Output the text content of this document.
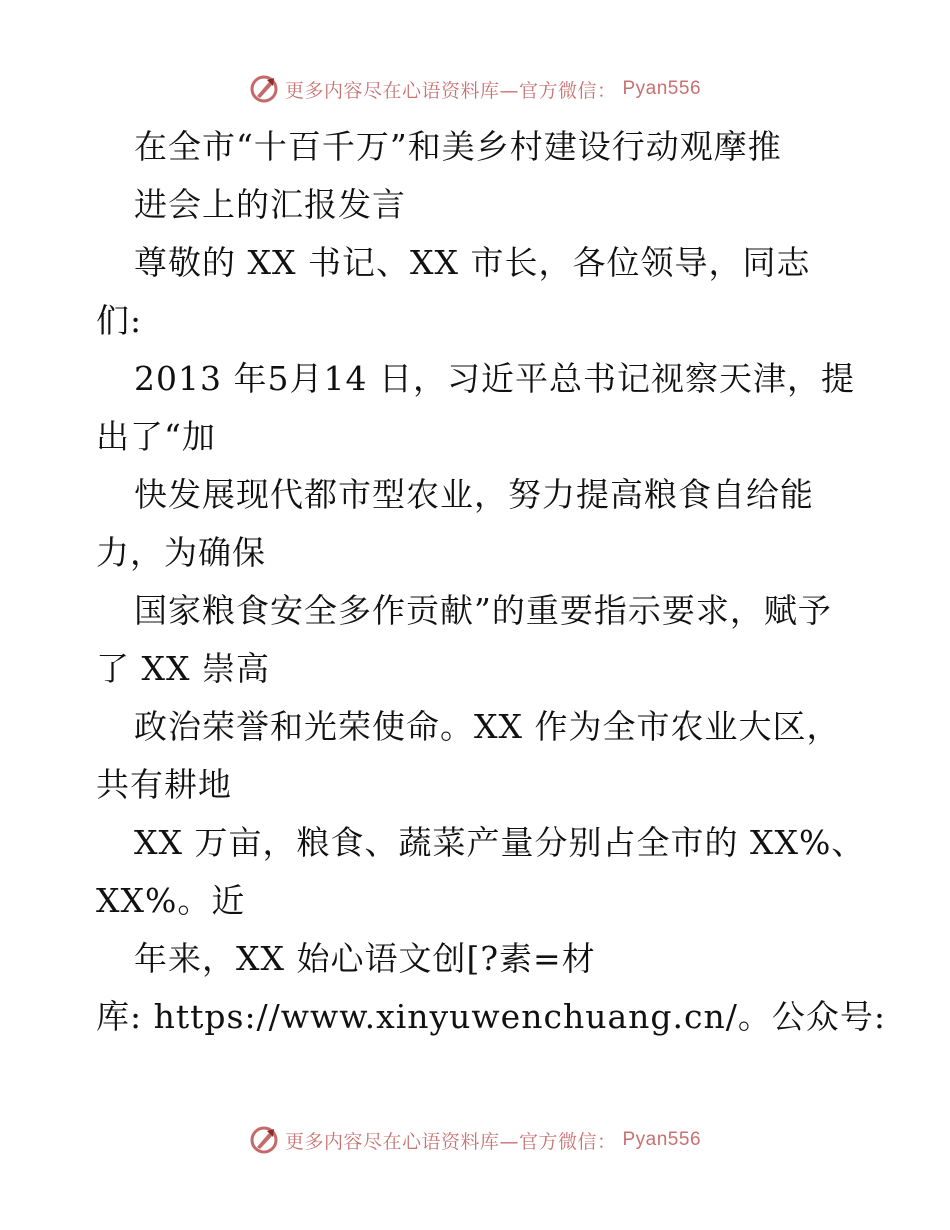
更多内容尽在心语资料库—官方微信： Pyan556
在全市“十百千万”和美乡村建设行动观摩推
进会上的汇报发言
尊敬的 XX 书记、XX 市长，各位领导，同志
们:
2013 年5月14 日，习近平总书记视察天津，提
出了“加
快发展现代都市型农业，努力提高粮食自给能
力，为确保
国家粮食安全多作贡献”的重要指示要求，赋予
了 XX 崇高
政治荣誉和光荣使命。XX 作为全市农业大区，
共有耕地
XX 万亩，粮食、蔬菜产量分别占全市的 XX%、
XX%。近
年来，XX 始心语文创[?素=材
库: https://www.xinyuwenchuang.cn/。公众号:
更多内容尽在心语资料库—官方微信： Pyan556
